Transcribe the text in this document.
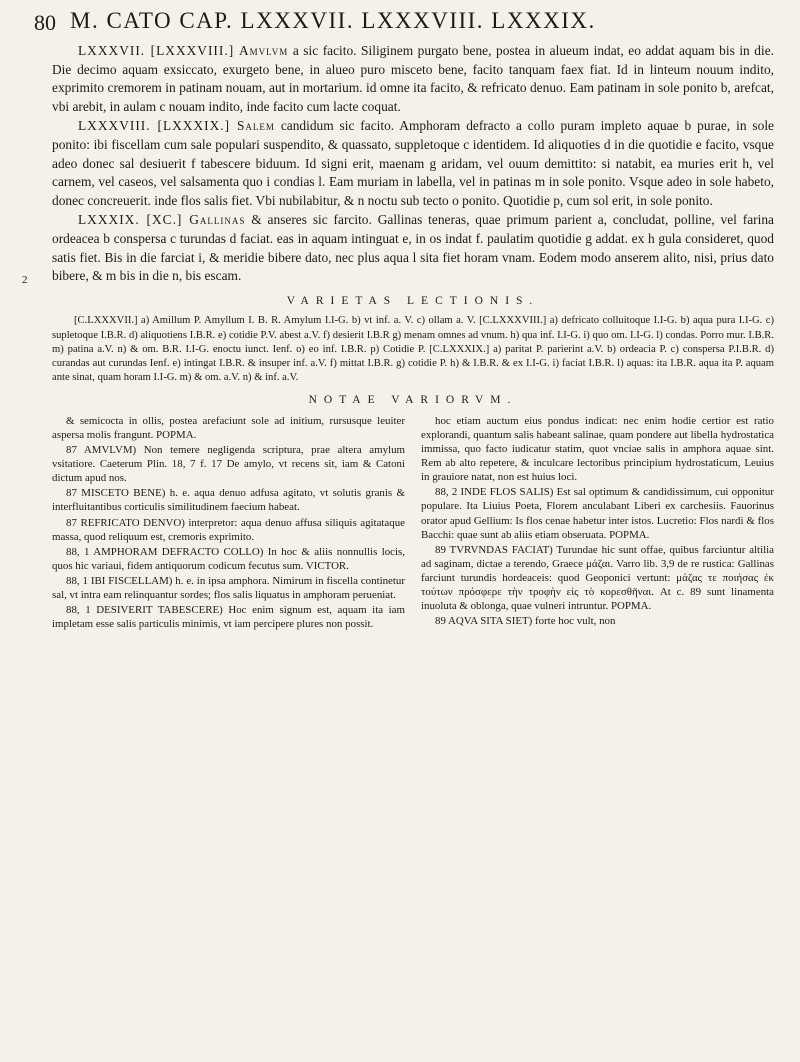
80 M. CATO CAP. LXXXVII. LXXXVIII. LXXXIX.
2

LXXXVII. [LXXXVIII.] Amvlvm a sic facito. Siliginem purgato bene, postea in alueum indat, eo addat aquam bis in die. Die decimo aquam exsiccato, exurgeto bene, in alueo puro miscetо bene, facito tanquam faex fiat. Id in linteum nouum indito, exprimito cremorem in patinam nouam, aut in mortarium. id omne ita facito, & refricato denuo. Eam patinam in sole ponito b, arefcat, vbi arebit, in aulam c nouam indito, inde facito cum lacte coquat.

LXXXVIII. [LXXXIX.] Salem candidum sic facito. Amphoram defracto a collo puram impleto aquae b purae, in sole ponito: ibi fiscellam cum sale populari suspendito, & quassato, suppletoque c identidem. Id aliquoties d in die quotidie e facito, vsque adeo donec sal desiuerit f tabescere biduum. Id signi erit, maenam g aridam, vel ouum demittito: si natabit, ea muries erit h, vel carnem, vel caseos, vel salsamenta quo i condias l. Eam muriam in labella, vel in patinas m in sole ponito. Vsque adeo in sole habeto, donec concreuerit. inde flos salis fiet. Vbi nubilabitur, & n noctu sub tecto o ponito. Quotidie p, cum sol erit, in sole ponito.

LXXXIX. [XC.] Gallinas & anseres sic farcito. Gallinas teneras, quae primum parient a, concludat, polline, vel farina ordeacea b conspersa c turundas d faciat. eas in aquam intinguat e, in os indat f. paulatim quotidie g addat. ex h gula consideret, quod satis fiet. Bis in die farciat i, & meridie bibere dato, nec plus aqua l sita fiet horam vnam. Eodem modo anserem alito, nisi, prius dato bibere, & m bis in die n, bis escam.

VARIETAS LECTIONIS.

[C.LXXXVII.] a) Amillum P. Amyllum I. B. R. Amylum I.I-G. b) vt inf. a. V. c) ollam a. V. [C.LXXXVIII.] a) defricato colluitoque I.I-G. b) aqua pura I.I-G. c) supletoque I.B.R. d) aliquotiens I.B.R. e) cotidie P.V. abest a.V. f) desierit I.B.R g) menam omnes ad vnum. h) qua inf. I.I-G. i) quo om. I.I-G. l) condas. Porro mur. I.B.R. m) patina a.V. n) & om. B.R. I.I-G. enoctu iunct. Ienf. o) eo inf. I.B.R. p) Cotidie P. [C.LXXXIX.] a) paritat P. parierint a.V. b) ordeacia P. c) conspersa P.I.B.R. d) curandas aut curundas Ienf. e) intingat I.B.R. & insuper inf. a.V. f) mittat I.B.R. g) cotidie P. h) & I.B.R. & ex I.I-G. i) faciat I.B.R. l) aquas: ita I.B.R. aqua ita P. aquam ante sinat, quam horam I.I-G. m) & om. a.V. n) & inf. a.V.

NOTAE VARIORVM.

& semicocta in ollis, postea arefaciunt sole ad initium, rursusque leuiter aspersa molis frangunt. POPMA.

87 AMVLVM) Non temere negligenda scriptura, prae altera amylum vsitatiore. Caeterum Plin. 18, 7 f. 17 De amylo, vt recens sit, iam & Catoni dictum apud nos.

87 MISCETO BENE) h. e. aqua denuo adfusa agitato, vt solutis granis & interfluitantibus corticulis similitudinem faecium habeat.

87 REFRICATO DENVO) interpretor: aqua denuo affusa siliquis agitataque massa, quod reliquum est, cremoris exprimito.

88, 1 AMPHORAM DEFRACTO COLLO) In hoc & aliis nonnullis locis, quos hic variaui, fidem antiquorum codicum fecutus sum. VICTOR.

88, 1 IBI FISCELLAM) h. e. in ipsa amphora. Nimirum in fiscella continetur sal, vt intra eam relinquantur sordes; flos salis liquatus in amphoram perueniat.

88, 1 DESIVERIT TABESCERE) Hoc enim signum est, aquam ita iam impletam esse salis particulis minimis, vt iam percipere plures non possit.

hoc etiam auctum eius pondus indicat: nec enim hodie certior est ratio explorandi, quantum salis habeant salinae, quam pondere aut libella hydrostatica immissa, quo facto iudicatur statim, quot vnciae salis in amphora aquae sint. Rem ab alto repetere, & inculcare lectoribus principium hydrostaticum, Leuius in grauiore natat, non est huius loci.

88, 2 INDE FLOS SALIS) Est sal optimum & candidissimum, cui opponitur populare. Ita Liuius Poeta, Florem anculabant Liberi ex carchesiis. Fauorinus orator apud Gellium: Is flos cenae habetur inter istos. Lucretio: Flos nardi & flos Bacchi: quae sunt ab aliis etiam obseruata. POPMA.

89 TVRVNDAS FACIAT) Turundae hic sunt offae, quibus farciuntur altilia ad saginam, dictae a terendo, Graece μάζαι. Varro lib. 3,9 de re rustica: Gallinas farciunt turundis hordeaceis: quod Geoponici vertunt: μάζας τε ποιήσας ἐκ τούτων πρόσφερε τὴν τροφὴν εἰς τὸ κορεσθῆναι. At c. 89 sunt linamenta inuoluta & oblonga, quae vulneri intruntur. POPMA.

89 AQVA SITA SIET) forte hoc vult, non
